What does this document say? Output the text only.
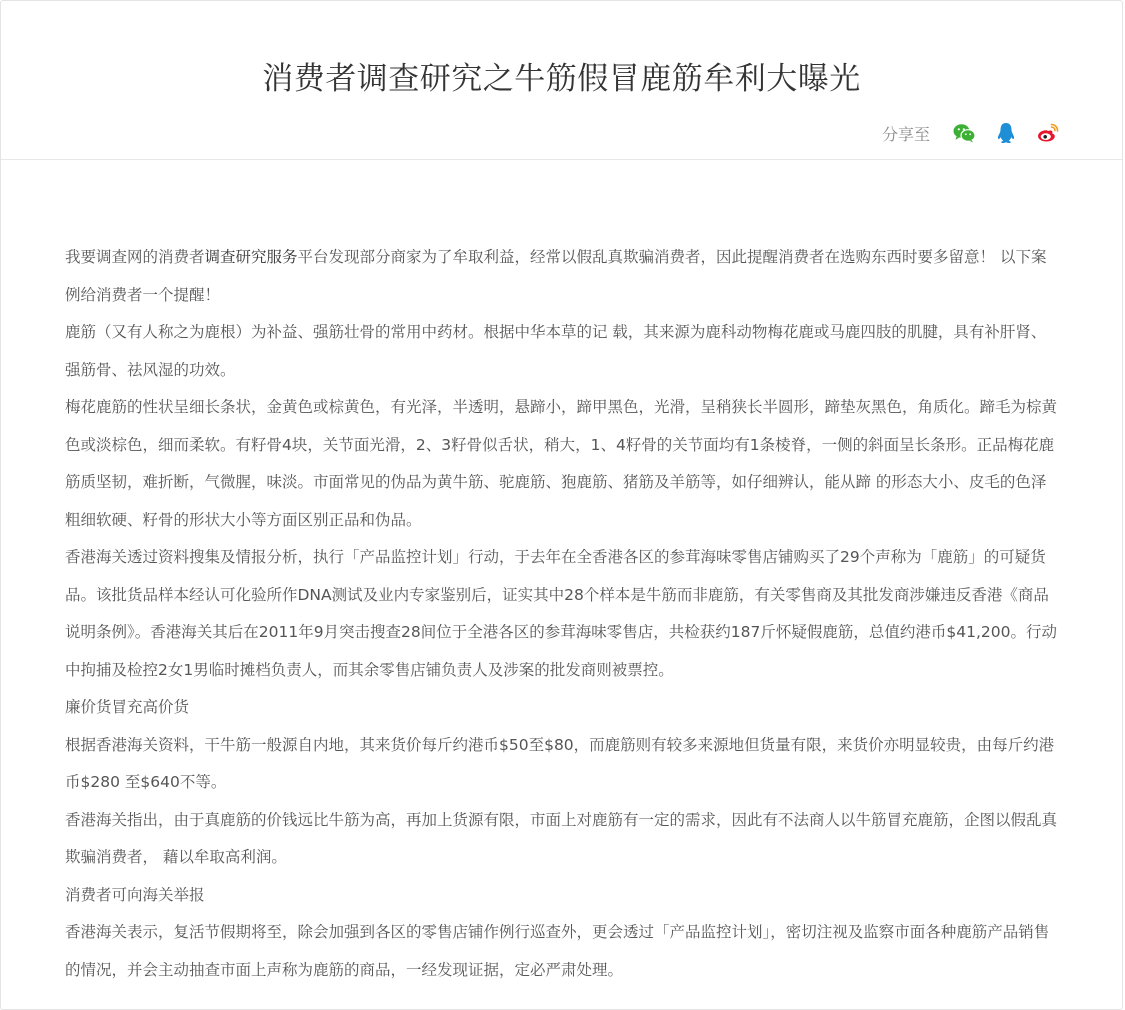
消费者调查研究之牛筋假冒鹿筋牟利大曝光
分享至

我要调查网的消费者调查研究服务平台发现部分商家为了牟取利益，经常以假乱真欺骗消费者，因此提醒消费者在选购东西时要多留意！ 以下案例给消费者一个提醒！

鹿筋（又有人称之为鹿根）为补益、强筋壮骨的常用中药材。根据中华本草的记 载，其来源为鹿科动物梅花鹿或马鹿四肢的肌腱，具有补肝肾、强筋骨、祛风湿的功效。

梅花鹿筋的性状呈细长条状，金黄色或棕黄色，有光泽，半透明，悬蹄小，蹄甲黑色，光滑，呈稍狭长半圆形，蹄垫灰黑色，角质化。蹄毛为棕黄色或淡棕色，细而柔软。有籽骨4块，关节面光滑，2、3籽骨似舌状，稍大，1、4籽骨的关节面均有1条棱脊，一侧的斜面呈长条形。正品梅花鹿筋质坚韧，难折断，气微腥，味淡。市面常见的伪品为黄牛筋、驼鹿筋、狍鹿筋、猪筋及羊筋等，如仔细辨认，能从蹄 的形态大小、皮毛的色泽粗细软硬、籽骨的形状大小等方面区别正品和伪品。

香港海关透过资料搜集及情报分析，执行「产品监控计划」行动，于去年在全香港各区的参茸海味零售店铺购买了29个声称为「鹿筋」的可疑货品。该批货品样本经认可化验所作DNA测试及业内专家鉴别后，证实其中28个样本是牛筋而非鹿筋，有关零售商及其批发商涉嫌违反香港《商品说明条例》。香港海关其后在2011年9月突击搜查28间位于全港各区的参茸海味零售店，共检获约187斤怀疑假鹿筋，总值约港币$41,200。行动中拘捕及检控2女1男临时摊档负责人，而其余零售店铺负责人及涉案的批发商则被票控。

廉价货冒充高价货

根据香港海关资料，干牛筋一般源自内地，其来货价每斤约港币$50至$80，而鹿筋则有较多来源地但货量有限，来货价亦明显较贵，由每斤约港币$280 至$640不等。

香港海关指出，由于真鹿筋的价钱远比牛筋为高，再加上货源有限，市面上对鹿筋有一定的需求，因此有不法商人以牛筋冒充鹿筋，企图以假乱真欺骗消费者， 藉以牟取高利润。

消费者可向海关举报

香港海关表示，复活节假期将至，除会加强到各区的零售店铺作例行巡查外，更会透过「产品监控计划」，密切注视及监察市面各种鹿筋产品销售的情况，并会主动抽查市面上声称为鹿筋的商品，一经发现证据，定必严肃处理。
